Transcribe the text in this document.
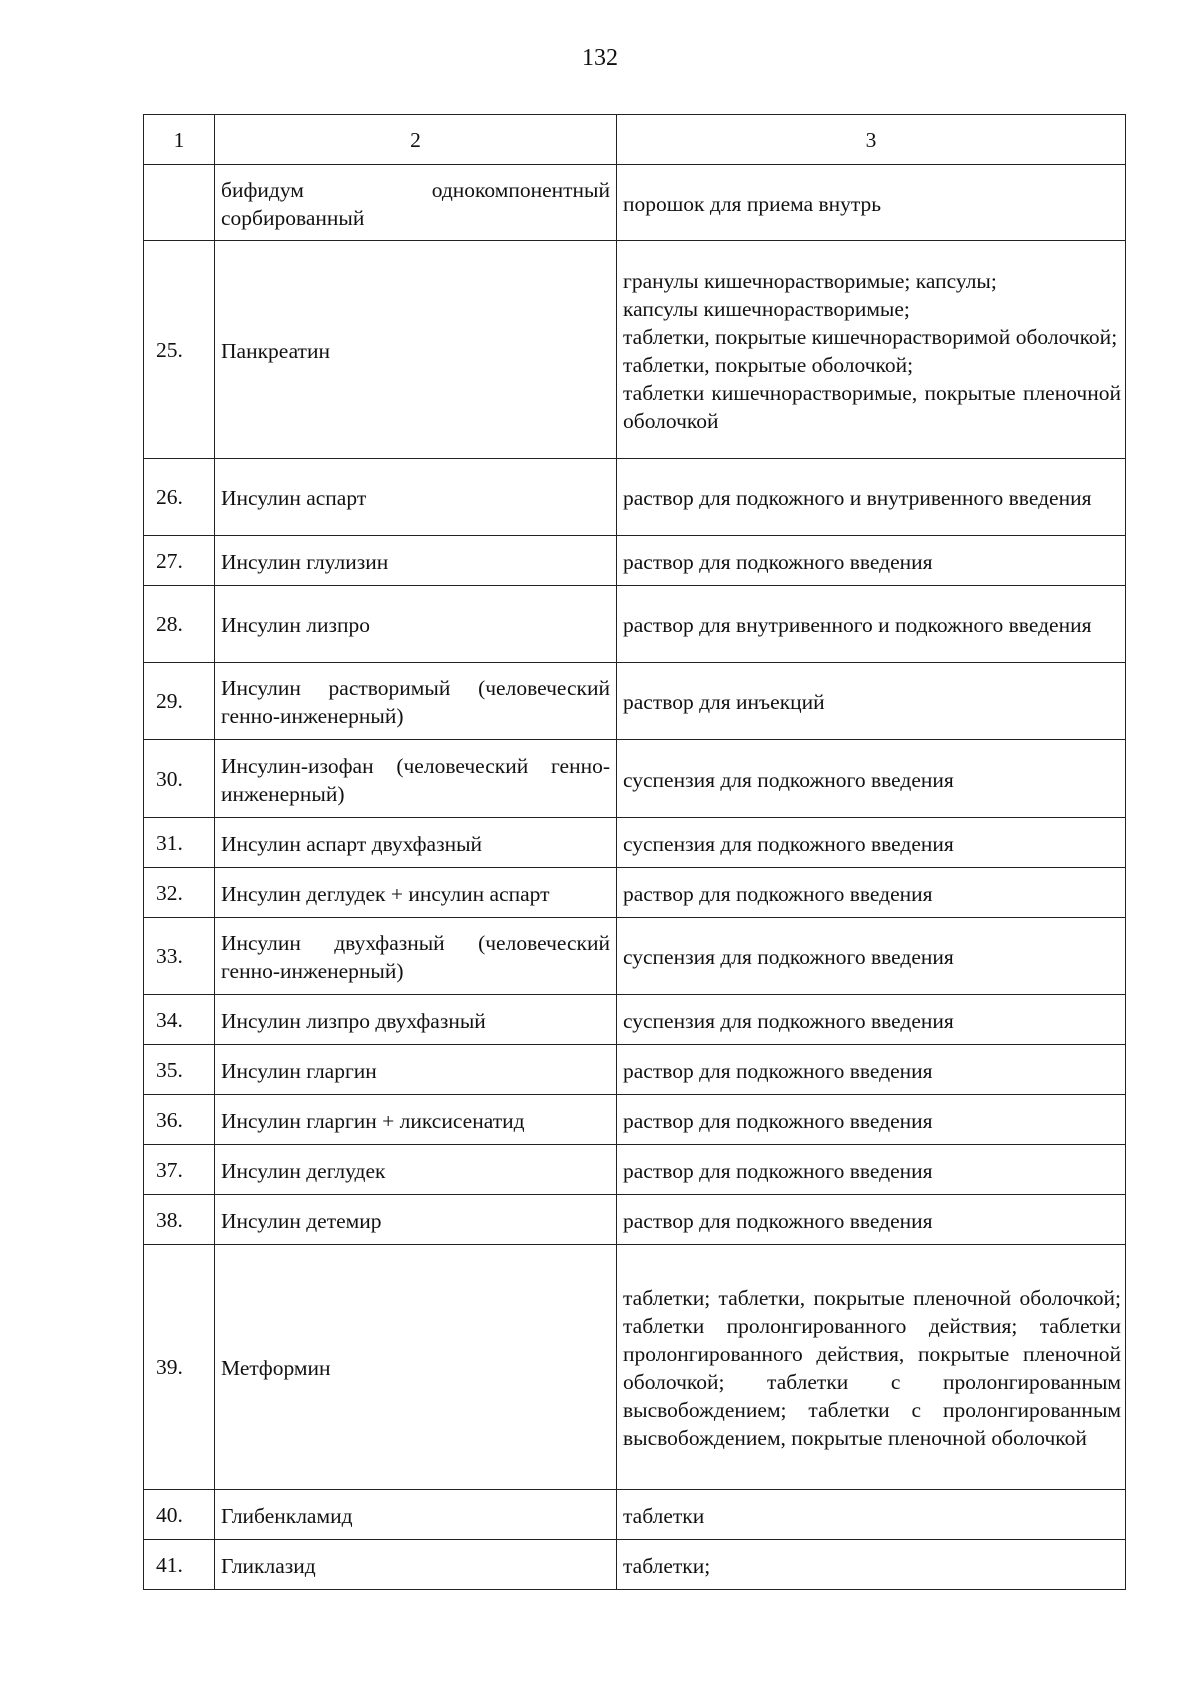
132
1	2	3
	бифидум однокомпонентный сорбированный	порошок для приема внутрь

25.	Панкреатин	гранулы кишечнорастворимые; капсулы;
капсулы кишечнорастворимые;
таблетки, покрытые кишечнорастворимой оболочкой;
таблетки, покрытые оболочкой;
таблетки кишечнорастворимые, покрытые пленочной оболочкой

26.	Инсулин аспарт	раствор для подкожного и внутривенного введения

27.	Инсулин глулизин	раствор для подкожного введения

28.	Инсулин лизпро	раствор для внутривенного и подкожного введения

29.	Инсулин растворимый (человеческий генно-инженерный)	раствор для инъекций

30.	Инсулин-изофан (человеческий генно-инженерный)	суспензия для подкожного введения

31.	Инсулин аспарт двухфазный	суспензия для подкожного введения

32.	Инсулин деглудек + инсулин аспарт	раствор для подкожного введения

33.	Инсулин двухфазный (человеческий генно-инженерный)	суспензия для подкожного введения

34.	Инсулин лизпро двухфазный	суспензия для подкожного введения

35.	Инсулин гларгин	раствор для подкожного введения

36.	Инсулин гларгин + ликсисенатид	раствор для подкожного введения

37.	Инсулин деглудек	раствор для подкожного введения

38.	Инсулин детемир	раствор для подкожного введения

39.	Метформин	таблетки; таблетки, покрытые пленочной оболочкой; таблетки пролонгированного действия; таблетки пролонгированного действия, покрытые пленочной оболочкой; таблетки с пролонгированным высвобождением; таблетки с пролонгированным высвобождением, покрытые пленочной оболочкой

40.	Глибенкламид	таблетки

41.	Гликлазид	таблетки;
